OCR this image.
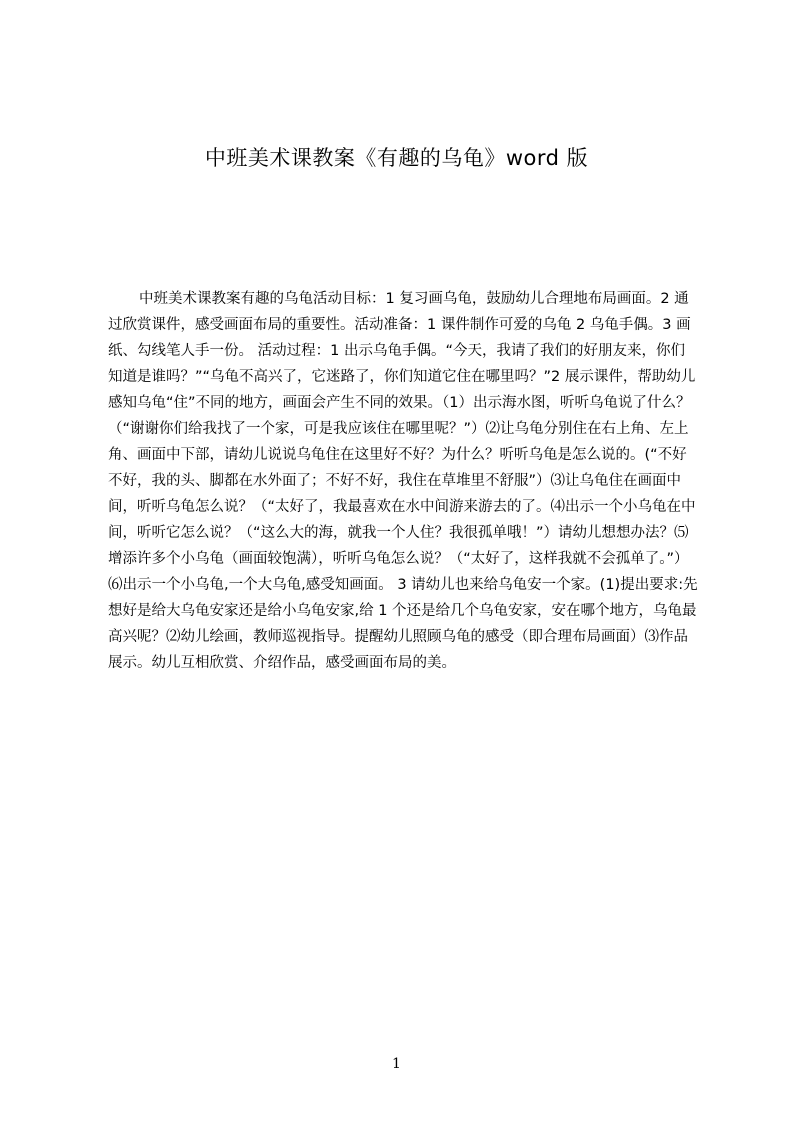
中班美术课教案《有趣的乌龟》word 版

中班美术课教案有趣的乌龟活动目标：1 复习画乌龟，鼓励幼儿合理地布局画面。2 通过欣赏课件，感受画面布局的重要性。活动准备：1 课件制作可爱的乌龟 2 乌龟手偶。3 画纸、勾线笔人手一份。 活动过程：1 出示乌龟手偶。“今天，我请了我们的好朋友来，你们知道是谁吗？”“乌龟不高兴了，它迷路了，你们知道它住在哪里吗？”2 展示课件，帮助幼儿感知乌龟“住”不同的地方，画面会产生不同的效果。（1）出示海水图，听听乌龟说了什么？（“谢谢你们给我找了一个家，可是我应该住在哪里呢？”）⑵让乌龟分别住在右上角、左上角、画面中下部，请幼儿说说乌龟住在这里好不好？为什么？听听乌龟是怎么说的。(“不好不好，我的头、脚都在水外面了；不好不好，我住在草堆里不舒服”）⑶让乌龟住在画面中间，听听乌龟怎么说？（“太好了，我最喜欢在水中间游来游去的了。⑷出示一个小乌龟在中间，听听它怎么说？（“这么大的海，就我一个人住？我很孤单哦！”）请幼儿想想办法？⑸增添许多个小乌龟（画面较饱满），听听乌龟怎么说？（“太好了，这样我就不会孤单了。”）⑹出示一个小乌龟,一个大乌龟,感受知画面。 3 请幼儿也来给乌龟安一个家。(1)提出要求:先想好是给大乌龟安家还是给小乌龟安家,给 1 个还是给几个乌龟安家，安在哪个地方，乌龟最高兴呢？⑵幼儿绘画，教师巡视指导。提醒幼儿照顾乌龟的感受（即合理布局画面）⑶作品展示。幼儿互相欣赏、介绍作品，感受画面布局的美。

1
